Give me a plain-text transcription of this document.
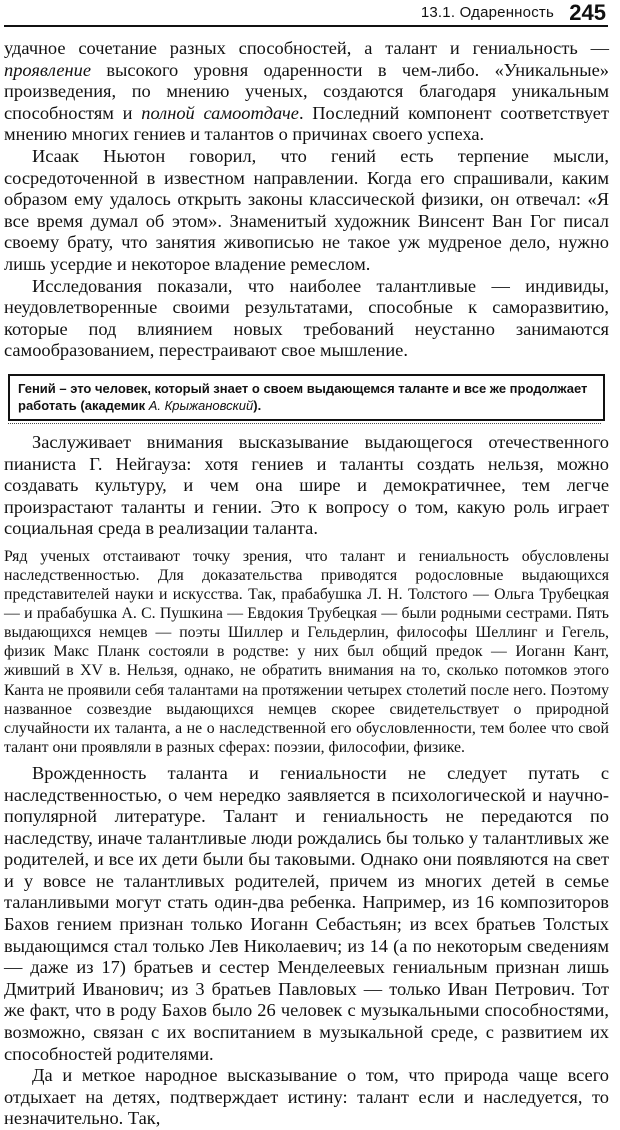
13.1. Одаренность 245

удачное сочетание разных способностей, а талант и гениальность — проявление высокого уровня одаренности в чем-либо. «Уникальные» произведения, по мнению ученых, создаются благодаря уникальным способностям и полной самоотдаче. Последний компонент соответствует мнению многих гениев и талантов о причинах своего успеха.

Исаак Ньютон говорил, что гений есть терпение мысли, сосредоточенной в известном направлении. Когда его спрашивали, каким образом ему удалось открыть законы классической физики, он отвечал: «Я все время думал об этом». Знаменитый художник Винсент Ван Гог писал своему брату, что занятия живописью не такое уж мудреное дело, нужно лишь усердие и некоторое владение ремеслом.

Исследования показали, что наиболее талантливые — индивиды, неудовлетворенные своими результатами, способные к саморазвитию, которые под влиянием новых требований неустанно занимаются самообразованием, перестраивают свое мышление.

Гений – это человек, который знает о своем выдающемся таланте и все же продолжает работать (академик А. Крыжановский).

Заслуживает внимания высказывание выдающегося отечественного пианиста Г. Нейгауза: хотя гениев и таланты создать нельзя, можно создавать культуру, и чем она шире и демократичнее, тем легче произрастают таланты и гении. Это к вопросу о том, какую роль играет социальная среда в реализации таланта.

Ряд ученых отстаивают точку зрения, что талант и гениальность обусловлены наследственностью. Для доказательства приводятся родословные выдающихся представителей науки и искусства. Так, прабабушка Л. Н. Толстого — Ольга Трубецкая — и прабабушка А. С. Пушкина — Евдокия Трубецкая — были родными сестрами. Пять выдающихся немцев — поэты Шиллер и Гельдерлин, философы Шеллинг и Гегель, физик Макс Планк состояли в родстве: у них был общий предок — Иоганн Кант, живший в XV в. Нельзя, однако, не обратить внимания на то, сколько потомков этого Канта не проявили себя талантами на протяжении четырех столетий после него. Поэтому названное созвездие выдающихся немцев скорее свидетельствует о природной случайности их таланта, а не о наследственной его обусловленности, тем более что свой талант они проявляли в разных сферах: поэзии, философии, физике.

Врожденность таланта и гениальности не следует путать с наследственностью, о чем нередко заявляется в психологической и научно-популярной литературе. Талант и гениальность не передаются по наследству, иначе талантливые люди рождались бы только у талантливых же родителей, и все их дети были бы таковыми. Однако они появляются на свет и у вовсе не талантливых родителей, причем из многих детей в семье таланливыми могут стать один-два ребенка. Например, из 16 композиторов Бахов гением признан только Иоганн Себастьян; из всех братьев Толстых выдающимся стал только Лев Николаевич; из 14 (а по некоторым сведениям — даже из 17) братьев и сестер Менделеевых гениальным признан лишь Дмитрий Иванович; из 3 братьев Павловых — только Иван Петрович. Тот же факт, что в роду Бахов было 26 человек с музыкальными способностями, возможно, связан с их воспитанием в музыкальной среде, с развитием их способностей родителями.

Да и меткое народное высказывание о том, что природа чаще всего отдыхает на детях, подтверждает истину: талант если и наследуется, то незначительно. Так,
